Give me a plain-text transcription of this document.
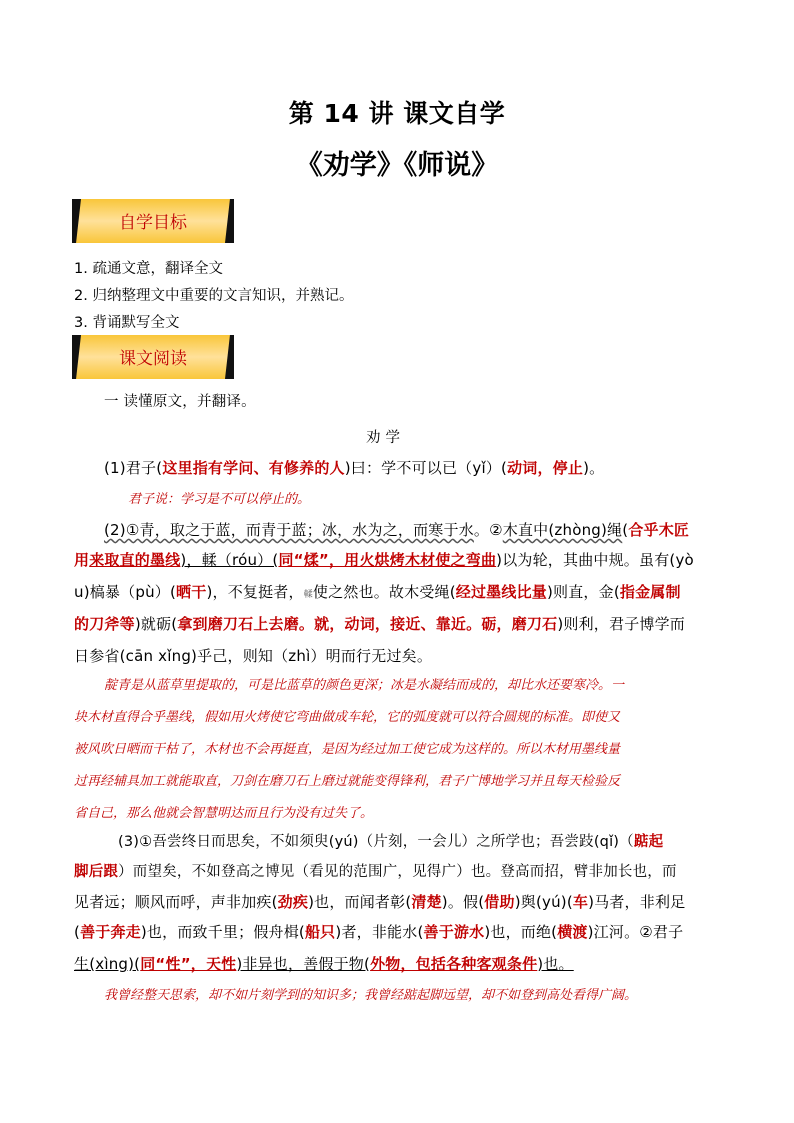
第 14 讲 课文自学
《劝学》《师说》
自学目标
1. 疏通文意，翻译全文
2. 归纳整理文中重要的文言知识，并熟记。
3. 背诵默写全文
课文阅读
一 读懂原文，并翻译。
劝 学
(1)君子(这里指有学问、有修养的人)曰：学不可以已（yǐ）(动词，停止)。
君子说：学习是不可以停止的。
(2)①青，取之于蓝，而青于蓝；冰，水为之，而寒于水。②木直中(zhòng)绳(合乎木匠
用来取直的墨线)，輮（róu）(同“煣”，用火烘烤木材使之弯曲)以为轮，其曲中规。虽有(yò
u)槁暴（pù）(晒干)，不复挺者，輮使之然也。故木受绳(经过墨线比量)则直，金(指金属制
的刀斧等)就砺(拿到磨刀石上去磨。就，动词，接近、靠近。砺，磨刀石)则利，君子博学而
日参省(cān xǐng)乎己，则知（zhì）明而行无过矣。
靛青是从蓝草里提取的，可是比蓝草的颜色更深；冰是水凝结而成的，却比水还要寒冷。一
块木材直得合乎墨线，假如用火烤使它弯曲做成车轮，它的弧度就可以符合圆规的标准。即使又
被风吹日晒而干枯了，木材也不会再挺直，是因为经过加工使它成为这样的。所以木材用墨线量
过再经辅具加工就能取直，刀剑在磨刀石上磨过就能变得锋利，君子广博地学习并且每天检验反
省自己，那么他就会智慧明达而且行为没有过失了。
(3)①吾尝终日而思矣，不如须臾(yú)（片刻，一会儿）之所学也；吾尝跂(qǐ)（踮起
脚后跟）而望矣，不如登高之博见（看见的范围广，见得广）也。登高而招，臂非加长也，而
见者远；顺风而呼，声非加疾(劲疾)也，而闻者彰(清楚)。假(借助)舆(yú)(车)马者，非利足
(善于奔走)也，而致千里；假舟楫(船只)者，非能水(善于游水)也，而绝(横渡)江河。②君子
生(xìng)(同“性”，天性)非异也，善假于物(外物，包括各种客观条件)也。
我曾经整天思索，却不如片刻学到的知识多；我曾经踮起脚远望，却不如登到高处看得广阔。
